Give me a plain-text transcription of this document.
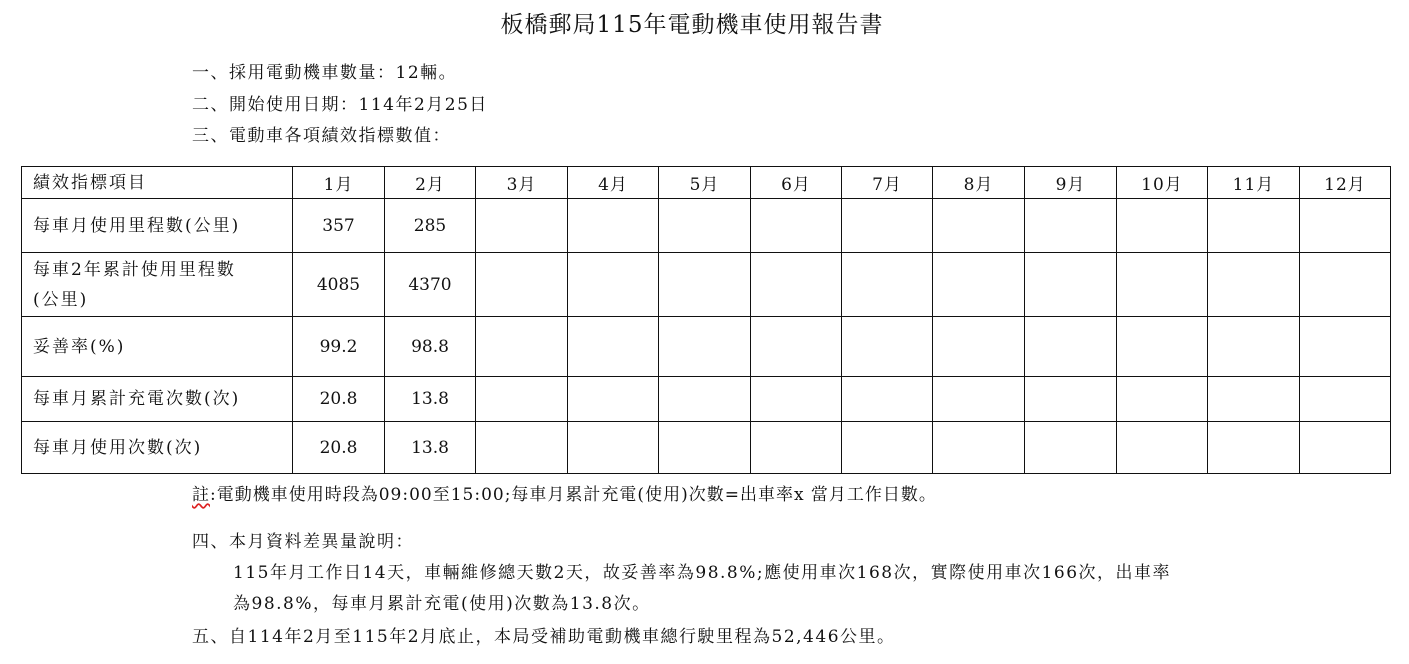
板橋郵局115年電動機車使用報告書
一、採用電動機車數量：12輛。
二、開始使用日期：114年2月25日
三、電動車各項績效指標數值：
績效指標項目	1月	2月	3月	4月	5月	6月	7月	8月	9月	10月	11月	12月
每車月使用里程數(公里)	357	285										
每車2年累計使用里程數
(公里)	4085	4370										
妥善率(%)	99.2	98.8										
每車月累計充電次數(次)	20.8	13.8										
每車月使用次數(次)	20.8	13.8										
註:電動機車使用時段為09:00至15:00;每車月累計充電(使用)次數=出車率x 當月工作日數。
四、本月資料差異量說明：
115年月工作日14天，車輛維修總天數2天，故妥善率為98.8%;應使用車次168次，實際使用車次166次，出車率
為98.8%，每車月累計充電(使用)次數為13.8次。
五、自114年2月至115年2月底止，本局受補助電動機車總行駛里程為52,446公里。
